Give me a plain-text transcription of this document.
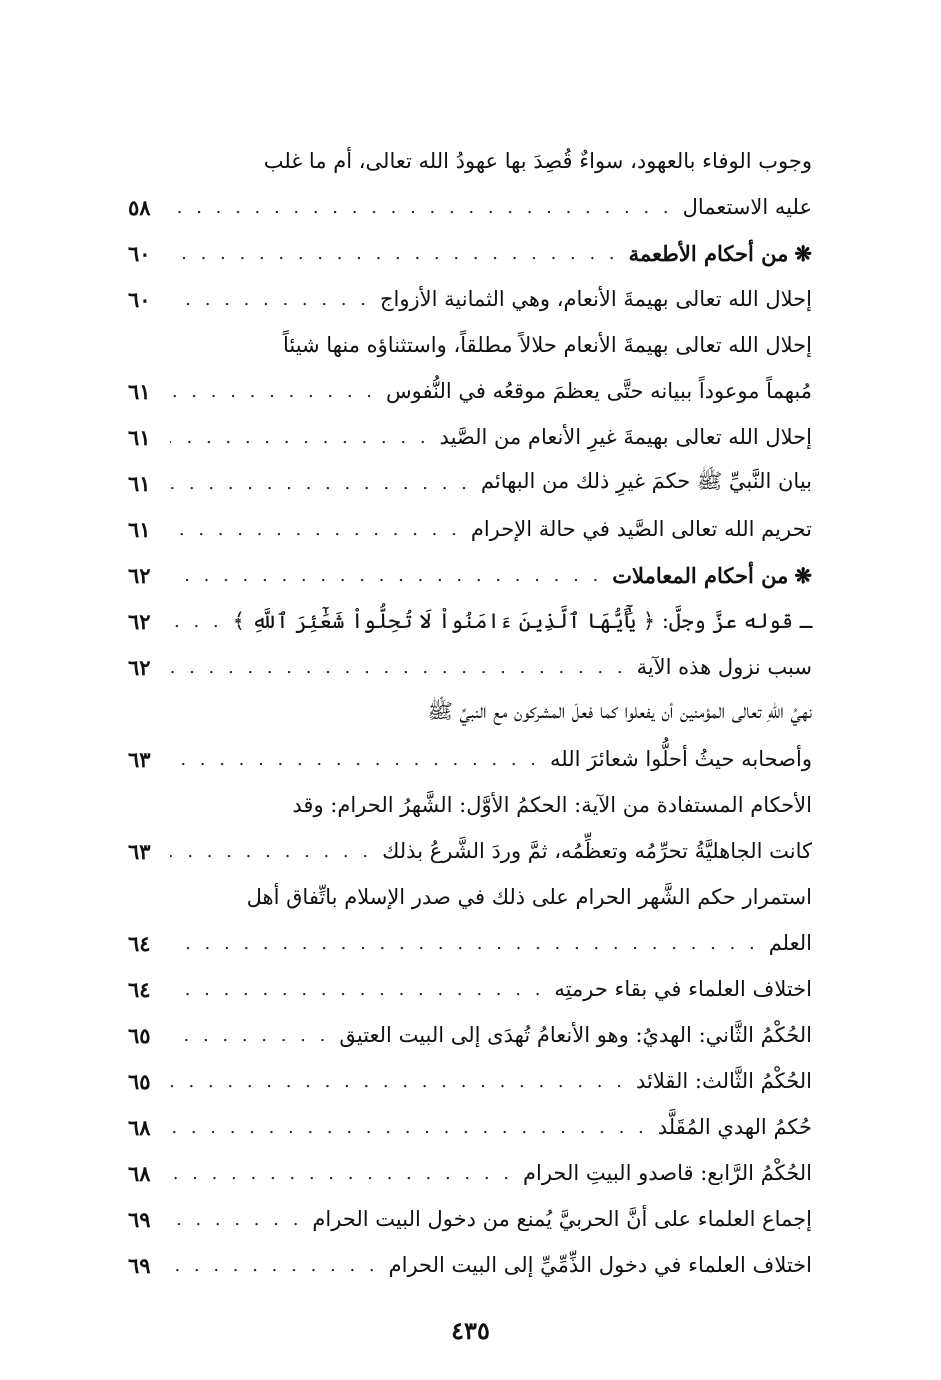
وجوب الوفاء بالعهود، سواءٌ قُصِدَ بها عهودُ الله تعالى، أم ما غلب
عليه الاستعمال
. . .
٥٨
❋
من أحكام الأطعمة
. . .
٦٠
إحلال الله تعالى بهيمةَ الأنعام، وهي الثمانية الأزواج
. . .
٦٠
إحلال الله تعالى بهيمةَ الأنعام حلالاً مطلقاً، واستثناؤه منها شيئاً
مُبهماً موعوداً ببيانه حتَّى يعظمَ موقعُه في النُّفوس
. . .
٦١
إحلال الله تعالى بهيمةَ غيرِ الأنعام من الصَّيد
. . .
٦١
بيان النَّبيِّ ﷺ حكمَ غيرِ ذلك من البهائم
. . .
٦١
تحريم الله تعالى الصَّيد في حالة الإحرام
. . .
٦١
❋
من أحكام المعاملات
. . .
٦٢
ـ قوله عزَّ وجلَّ: ﴿ يَٰٓأَيُّهَا ٱلَّذِينَ ءَامَنُواْ لَا تُحِلُّواْ شَعَٰٓئِرَ ٱللَّهِ ﴾
. . .
٦٢
سبب نزول هذه الآية
. . .
٦٢
نهيُ اللهِ تعالى المؤمنين أن يفعلوا كما فعلَ المشركون مع النبيِّ ﷺ
وأصحابه حيثُ أحلُّوا شعائرَ الله
. . .
٦٣
الأحكام المستفادة من الآية: الحكمُ الأوَّل: الشَّهرُ الحرام: وقد
كانت الجاهليَّةُ تحرِّمُه وتعظِّمُه، ثمَّ وردَ الشَّرعُ بذلك
. . .
٦٣
استمرار حكم الشَّهر الحرام على ذلك في صدر الإسلام باتِّفاق أهل
العلم
. . .
٦٤
اختلاف العلماء في بقاء حرمتِه
. . .
٦٤
الحُكْمُ الثَّاني: الهديُ: وهو الأنعامُ تُهدَى إلى البيت العتيق
. . .
٦٥
الحُكْمُ الثَّالث: القلائد
. . .
٦٥
حُكمُ الهدي المُقَلَّد
. . .
٦٨
الحُكْمُ الرَّابع: قاصدو البيتِ الحرام
. . .
٦٨
إجماع العلماء على أنَّ الحربيَّ يُمنع من دخول البيت الحرام
. . .
٦٩
اختلاف العلماء في دخول الذِّمِّيِّ إلى البيت الحرام
. . .
٦٩
٤٣٥
